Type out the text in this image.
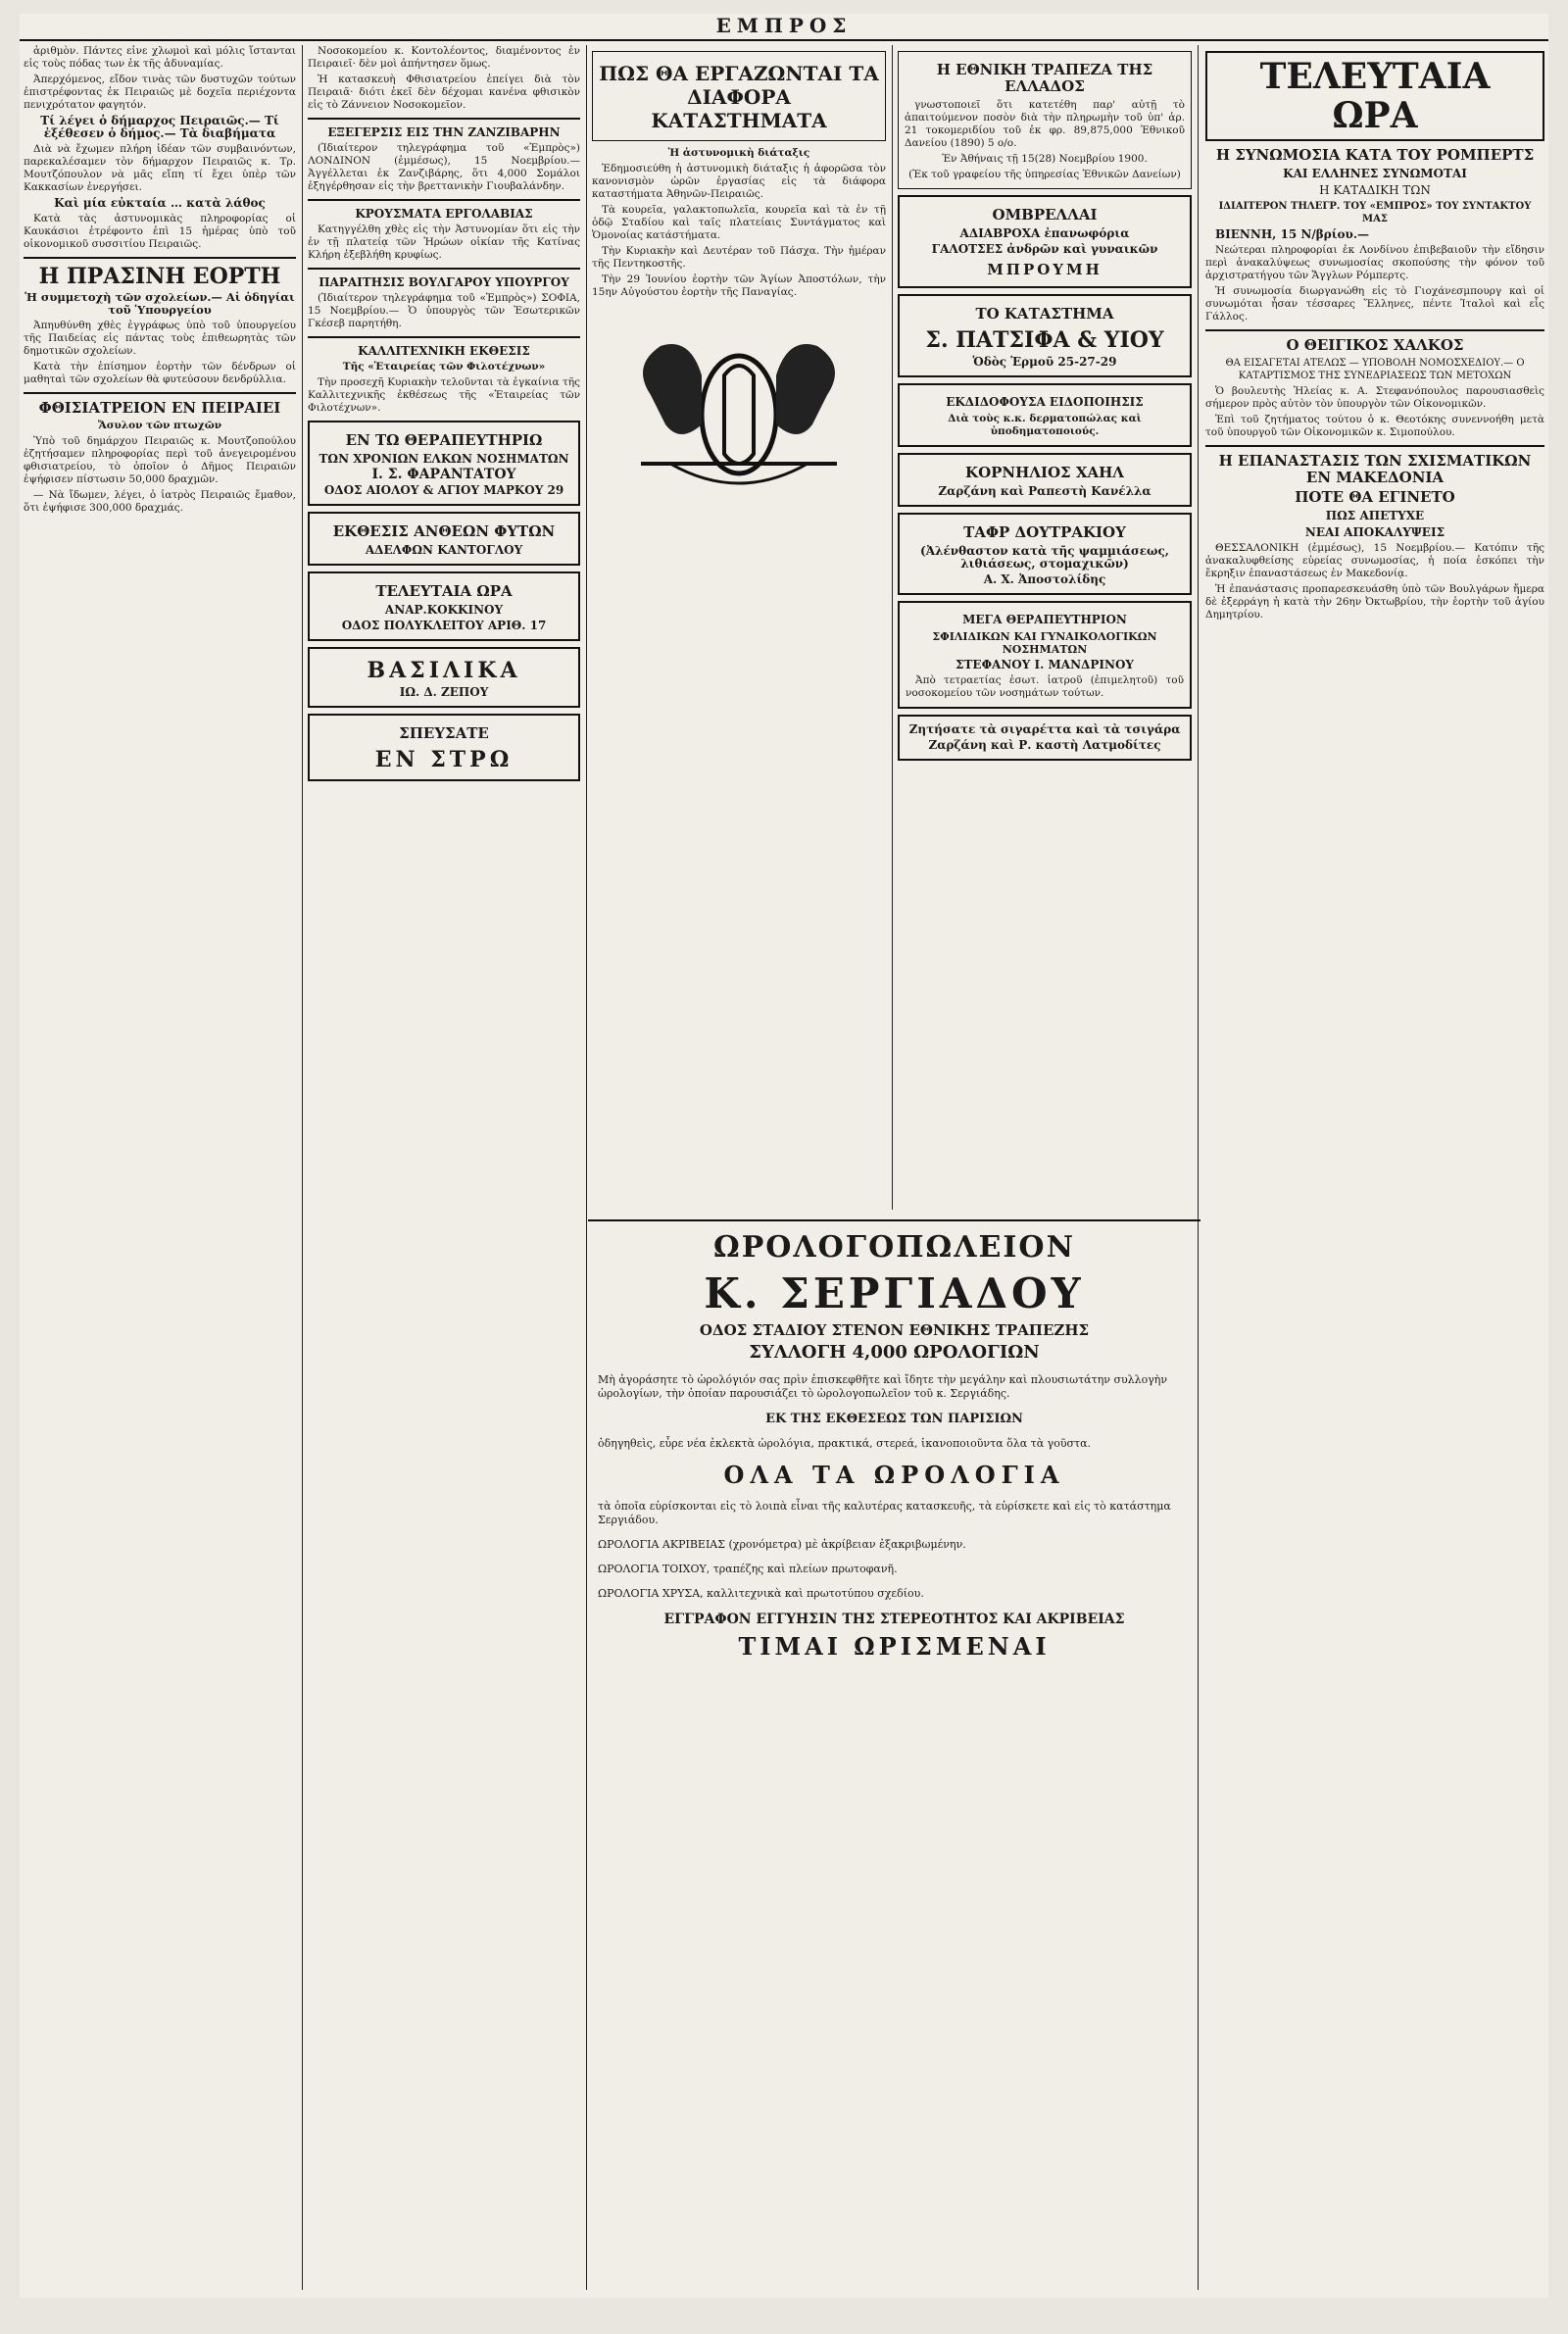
ΕΜΠΡΟΣ

ἀριθμὸν. Πάντες εἶνε χλωμοὶ καὶ μόλις ἵστανται εἰς τοὺς πόδας των ἐκ τῆς ἀδυναμίας.

Ἀπερχόμενος, εἴδον τινὰς τῶν δυστυχῶν τούτων ἐπιστρέφοντας ἐκ Πειραιῶς μὲ δοχεῖα περιέχοντα πενιχρότατον φαγητόν.

Τί λέγει ὁ δήμαρχος Πειραιῶς.— Τί ἐξέθεσεν ὁ δήμος.— Τὰ διαβήματα

Διὰ νὰ ἔχωμεν πλήρη ἰδέαν τῶν συμβαινόντων, παρεκαλέσαμεν τὸν δήμαρχον Πειραιῶς κ. Τρ. Μουτζόπουλον νὰ μᾶς εἴπη τί ἔχει ὑπὲρ τῶν Κακκασίων ἐνεργήσει.

Καὶ μία εὐκταία … κατὰ λάθος

Κατὰ τὰς ἀστυνομικὰς πληροφορίας οἱ Καυκάσιοι ἐτρέφοντο ἐπὶ 15 ἡμέρας ὑπὸ τοῦ οἰκονομικοῦ συσσιτίου Πειραιῶς.

Η ΠΡΑΣΙΝΗ ΕΟΡΤΗ

Ἡ συμμετοχὴ τῶν σχολείων.— Αἱ ὁδηγίαι τοῦ Ὑπουργείου

Ἀπηυθύνθη χθὲς ἐγγράφως ὑπὸ τοῦ ὑπουργείου τῆς Παιδείας εἰς πάντας τοὺς ἐπιθεωρητὰς τῶν δημοτικῶν σχολείων.

Κατὰ τὴν ἐπίσημον ἑορτὴν τῶν δένδρων οἱ μαθηταὶ τῶν σχολείων θὰ φυτεύσουν δενδρύλλια.

ΦΘΙΣΙΑΤΡΕΙΟΝ ΕΝ ΠΕΙΡΑΙΕΙ

Ἄσυλον τῶν πτωχῶν

Ὑπὸ τοῦ δημάρχου Πειραιῶς κ. Μουτζοπούλου ἐζητήσαμεν πληροφορίας περὶ τοῦ ἀνεγειρομένου φθισιατρείου, τὸ ὁποῖον ὁ Δῆμος Πειραιῶν ἐψήφισεν πίστωσιν 50,000 δραχμῶν.

— Νὰ ἴδωμεν, λέγει, ὁ ἰατρὸς Πειραιῶς ἔμαθον, ὅτι ἐψήφισε 300,000 δραχμάς.

Νοσοκομείου κ. Κοντολέοντος, διαμένοντος ἐν Πειραιεῖ· δὲν μοὶ ἀπήντησεν ὅμως.

Ἡ κατασκευὴ Φθισιατρείου ἐπείγει διὰ τὸν Πειραιᾶ· διότι ἐκεῖ δὲν δέχομαι κανένα φθισικὸν εἰς τὸ Ζάννειον Νοσοκομεῖον.

ΕΞΕΓΕΡΣΙΣ ΕΙΣ ΤΗΝ ΖΑΝΖΙΒΑΡΗΝ

(Ἰδιαίτερον τηλεγράφημα τοῦ «Ἐμπρὸς») ΛΟΝΔΙΝΟΝ (ἐμμέσως), 15 Νοεμβρίου.— Ἀγγέλλεται ἐκ Ζανζιβάρης, ὅτι 4,000 Σομάλοι ἐξηγέρθησαν εἰς τὴν βρεττανικὴν Γιουβαλάνδην.

ΚΡΟΥΣΜΑΤΑ ΕΡΓΟΛΑΒΙΑΣ

Κατηγγέλθη χθὲς εἰς τὴν Ἀστυνομίαν ὅτι εἰς τὴν ἐν τῇ πλατείᾳ τῶν Ἡρώων οἰκίαν τῆς Κατίνας Κλήρη ἐξεβλήθη κρυφίως.

ΠΑΡΑΙΤΗΣΙΣ ΒΟΥΛΓΑΡΟΥ ΥΠΟΥΡΓΟΥ

(Ἰδιαίτερον τηλεγράφημα τοῦ «Ἐμπρὸς») ΣΟΦΙΑ, 15 Νοεμβρίου.— Ὁ ὑπουργὸς τῶν Ἐσωτερικῶν Γκέσεβ παρητήθη.

ΚΑΛΛΙΤΕΧΝΙΚΗ ΕΚΘΕΣΙΣ

Τῆς «Ἑταιρείας τῶν Φιλοτέχνων»

Τὴν προσεχῆ Κυριακὴν τελοῦνται τὰ ἐγκαίνια τῆς Καλλιτεχνικῆς ἐκθέσεως τῆς «Ἑταιρείας τῶν Φιλοτέχνων».

ΕΝ ΤΩ ΘΕΡΑΠΕΥΤΗΡΙΩ
ΤΩΝ ΧΡΟΝΙΩΝ ΕΛΚΩΝ ΝΟΣΗΜΑΤΩΝ
Ι. Σ. ΦΑΡΑΝΤΑΤΟΥ
ΟΔΟΣ ΑΙΟΛΟΥ & ΑΓΙΟΥ ΜΑΡΚΟΥ 29
ΕΚΘΕΣΙΣ ΑΝΘΕΩΝ ΦΥΤΩΝ
ΑΔΕΛΦΩΝ ΚΑΝΤΟΓΛΟΥ
ΤΕΛΕΥΤΑΙΑ ΩΡΑ
ΑΝΑΡ.ΚΟΚΚΙΝΟΥ
ΟΔΟΣ ΠΟΛΥΚΛΕΙΤΟΥ ΑΡΙΘ. 17
ΒΑΣΙΛΙΚΑ
ΙΩ. Δ. ΖΕΠΟΥ
ΣΠΕΥΣΑΤΕ
ΕΝ ΣΤΡΩ
ΠΩΣ ΘΑ ΕΡΓΑΖΩΝΤΑΙ ΤΑ ΔΙΑΦΟΡΑ ΚΑΤΑΣΤΗΜΑΤΑ

Ἡ ἀστυνομικὴ διάταξις

Ἐδημοσιεύθη ἡ ἀστυνομικὴ διάταξις ἡ ἀφορῶσα τὸν κανονισμὸν ὡρῶν ἐργασίας εἰς τὰ διάφορα καταστήματα Ἀθηνῶν-Πειραιῶς.

Τὰ κουρεῖα, γαλακτοπωλεῖα, κουρεῖα καὶ τὰ ἐν τῇ ὁδῷ Σταδίου καὶ ταῖς πλατείαις Συντάγματος καὶ Ὁμονοίας κατάστήματα.

Τὴν Κυριακὴν καὶ Δευτέραν τοῦ Πάσχα. Τὴν ἡμέραν τῆς Πεντηκοστῆς.

Τὴν 29 Ἰουνίου ἑορτὴν τῶν Ἁγίων Ἀποστόλων, τὴν 15ην Αὐγούστου ἑορτὴν τῆς Παναγίας.

Η ΕΘΝΙΚΗ ΤΡΑΠΕΖΑ ΤΗΣ ΕΛΛΑΔΟΣ

γνωστοποιεῖ ὅτι κατετέθη παρ' αὐτῇ τὸ ἀπαιτούμενον ποσὸν διὰ τὴν πληρωμὴν τοῦ ὑπ' ἀρ. 21 τοκομεριδίου τοῦ ἐκ φρ. 89,875,000 Ἐθνικοῦ Δανείου (1890) 5 ο/ο.

Ἐν Ἀθήναις τῇ 15(28) Νοεμβρίου 1900.

(Ἐκ τοῦ γραφείου τῆς ὑπηρεσίας Ἐθνικῶν Δανείων)

ΟΜΒΡΕΛΛΑΙ
ΑΔΙΑΒΡΟΧΑ ἐπανωφόρια
ΓΑΛΟΤΣΕΣ ἀνδρῶν καὶ γυναικῶν
ΜΠΡΟΥΜΗ
ΤΟ ΚΑΤΑΣΤΗΜΑ
Σ. ΠΑΤΣΙΦΑ & ΥΙΟΥ
Ὁδὸς Ἑρμοῦ 25-27-29
ΕΚΔΙΔΟΦΟΥΣΑ ΕΙΔΟΠΟΙΗΣΙΣ

Διὰ τοὺς κ.κ. δερματοπώλας καὶ ὑποδηματοποιούς.

ΚΟΡΝΗΛΙΟΣ ΧΑΗΛ
Ζαρζάνη καὶ Ραπεστὴ Κανέλλα
ΤΑΦΡ ΔΟΥΤΡΑΚΙΟΥ
(Ἀλένθαστον κατὰ τῆς ψαμμιάσεως, λιθιάσεως, στομαχικῶν)
Α. Χ. Ἀποστολίδης
ΜΕΓΑ ΘΕΡΑΠΕΥΤΗΡΙΟΝ
ΣΦΙΛΙΔΙΚΩΝ ΚΑΙ ΓΥΝΑΙΚΟΛΟΓΙΚΩΝ ΝΟΣΗΜΑΤΩΝ
ΣΤΕΦΑΝΟΥ Ι. ΜΑΝΔΡΙΝΟΥ

Ἀπὸ τετραετίας ἐσωτ. ἰατροῦ (ἐπιμελητοῦ) τοῦ νοσοκομείου τῶν νοσημάτων τούτων.

Ζητήσατε τὰ σιγαρέττα καὶ τὰ τσιγάρα
Ζαρζάνη καὶ Ρ. καστὴ Λατμοδίτες
ΤΕΛΕΥΤΑΙΑ ΩΡΑ

Η ΣΥΝΩΜΟΣΙΑ ΚΑΤΑ ΤΟΥ ΡΟΜΠΕΡΤΣ

ΚΑΙ ΕΛΛΗΝΕΣ ΣΥΝΩΜΟΤΑΙ

Η ΚΑΤΑΔΙΚΗ ΤΩΝ

ΙΔΙΑΙΤΕΡΟΝ ΤΗΛΕΓΡ. ΤΟΥ «ΕΜΠΡΟΣ» ΤΟΥ ΣΥΝΤΑΚΤΟΥ ΜΑΣ

ΒΙΕΝΝΗ, 15 Ν/βρίου.—

Νεώτεραι πληροφορίαι ἐκ Λονδίνου ἐπιβεβαιοῦν τὴν εἴδησιν περὶ ἀνακαλύψεως συνωμοσίας σκοπούσης τὴν φόνον τοῦ ἀρχιστρατήγου τῶν Ἄγγλων Ρόμπερτς.

Ἡ συνωμοσία διωργανώθη εἰς τὸ Γιοχάνεσμπουργ καὶ οἱ συνωμόται ἦσαν τέσσαρες Ἕλληνες, πέντε Ἰταλοὶ καὶ εἷς Γάλλος.

Ο ΘΕΙΓΙΚΟΣ ΧΑΛΚΟΣ

ΘΑ ΕΙΣΑΓΕΤΑΙ ΑΤΕΛΩΣ — ΥΠΟΒΟΛΗ ΝΟΜΟΣΧΕΔΙΟΥ.— Ο ΚΑΤΑΡΤΙΣΜΟΣ ΤΗΣ ΣΥΝΕΔΡΙΑΣΕΩΣ ΤΩΝ ΜΕΤΟΧΩΝ

Ὁ βουλευτὴς Ἠλείας κ. Α. Στεφανόπουλος παρουσιασθεὶς σήμερον πρὸς αὐτὸν τὸν ὑπουργὸν τῶν Οἰκονομικῶν.

Ἐπὶ τοῦ ζητήματος τούτου ὁ κ. Θεοτόκης συνεννοήθη μετὰ τοῦ ὑπουργοῦ τῶν Οἰκονομικῶν κ. Σιμοπούλου.

Η ΕΠΑΝΑΣΤΑΣΙΣ ΤΩΝ ΣΧΙΣΜΑΤΙΚΩΝ ΕΝ ΜΑΚΕΔΟΝΙΑ

ΠΟΤΕ ΘΑ ΕΓΙΝΕΤΟ

ΠΩΣ ΑΠΕΤΥΧΕ

ΝΕΑΙ ΑΠΟΚΑΛΥΨΕΙΣ

ΘΕΣΣΑΛΟΝΙΚΗ (ἐμμέσως), 15 Νοεμβρίου.— Κατόπιν τῆς ἀνακαλυφθείσης εὑρείας συνωμοσίας, ἡ ποία ἐσκόπει τὴν ἔκρηξιν ἐπαναστάσεως ἐν Μακεδονίᾳ.

Ἡ ἐπανάστασις προπαρεσκευάσθη ὑπὸ τῶν Βουλγάρων ἤμερα δὲ ἐξερράγη ἡ κατὰ τὴν 26ην Ὀκτωβρίου, τὴν ἑορτὴν τοῦ ἁγίου Δημητρίου.

ΩΡΟΛΟΓΟΠΩΛΕΙΟΝ
Κ. ΣΕΡΓΙΑΔΟΥ
ΟΔΟΣ ΣΤΑΔΙΟΥ ΣΤΕΝΟΝ ΕΘΝΙΚΗΣ ΤΡΑΠΕΖΗΣ
ΣΥΛΛΟΓΗ 4,000 ΩΡΟΛΟΓΙΩΝ

Μὴ ἀγοράσητε τὸ ὡρολόγιόν σας πρὶν ἐπισκεφθῆτε καὶ ἴδητε τὴν μεγάλην καὶ πλουσιωτάτην συλλογὴν ὡρολογίων, τὴν ὁποίαν παρουσιάζει τὸ ὡρολογοπωλεῖον τοῦ κ. Σεργιάδης.

ΕΚ ΤΗΣ ΕΚΘΕΣΕΩΣ ΤΩΝ ΠΑΡΙΣΙΩΝ

ὁδηγηθεὶς, εὗρε νέα ἐκλεκτὰ ὡρολόγια, πρακτικά, στερεά, ἱκανοποιοῦντα ὅλα τὰ γοῦστα.

ΟΛΑ ΤΑ ΩΡΟΛΟΓΙΑ

τὰ ὁποῖα εὑρίσκονται εἰς τὸ λοιπὰ εἶναι τῆς καλυτέρας κατασκευῆς, τὰ εὑρίσκετε καὶ εἰς τὸ κατάστημα Σεργιάδου.

ΩΡΟΛΟΓΙΑ ΑΚΡΙΒΕΙΑΣ (χρονόμετρα) μὲ ἀκρίβειαν ἐξακριβωμένην.

ΩΡΟΛΟΓΙΑ ΤΟΙΧΟΥ, τραπέζης καὶ πλείων πρωτοφανῆ.

ΩΡΟΛΟΓΙΑ ΧΡΥΣΑ, καλλιτεχνικὰ καὶ πρωτοτύπου σχεδίου.

ΕΓΓΡΑΦΟΝ ΕΓΓΥΗΣΙΝ ΤΗΣ ΣΤΕΡΕΟΤΗΤΟΣ ΚΑΙ ΑΚΡΙΒΕΙΑΣ
ΤΙΜΑΙ ΩΡΙΣΜΕΝΑΙ
